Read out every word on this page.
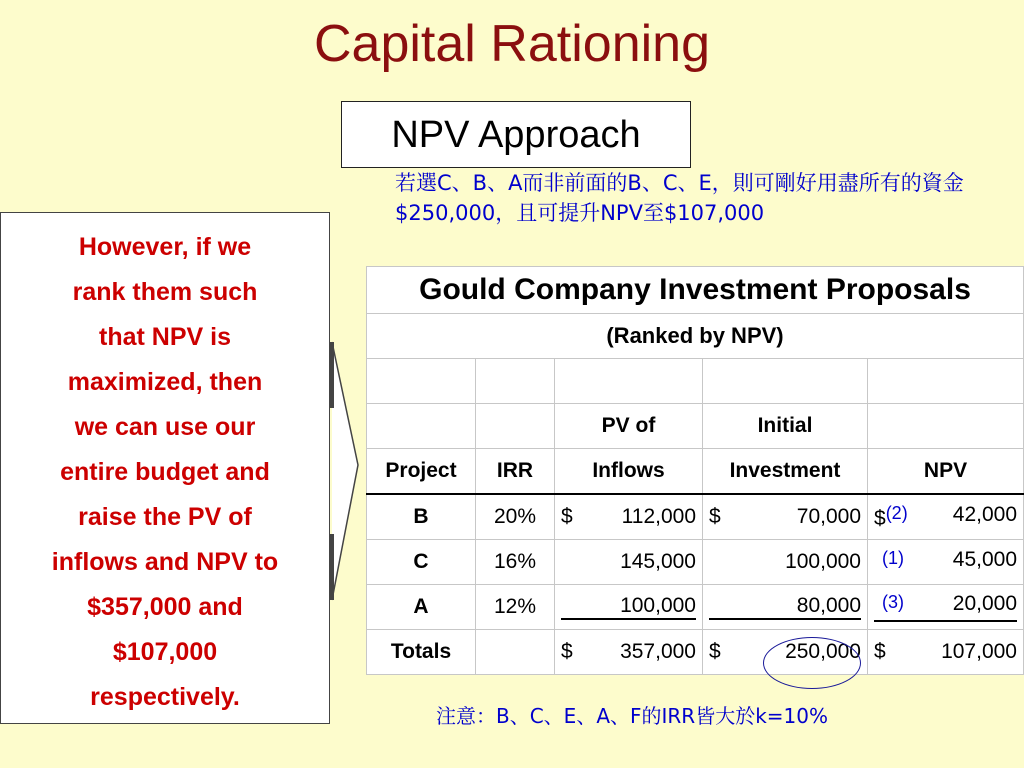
Capital Rationing
NPV Approach
若選C、B、A而非前面的B、C、E，則可剛好用盡所有的資金$250,000，且可提升NPV至$107,000
However, if we
rank them such
that NPV is
maximized, then
we can use our
entire budget and
raise the PV of
inflows and NPV to
$357,000 and
$107,000
respectively.
Gould Company Investment Proposals				
(Ranked by NPV)				

		PV of	Initial	
Project	IRR	Inflows	Investment	NPV
B	20%	$ 112,000	$ 70,000	$(2) 42,000

C	16%	145,000	100,000	(1) 45,000

A	12%	100,000	80,000	(3) 20,000

Totals		$ 357,000	$ 250,000	$ 107,000
注意：B、C、E、A、F的IRR皆大於k=10%
